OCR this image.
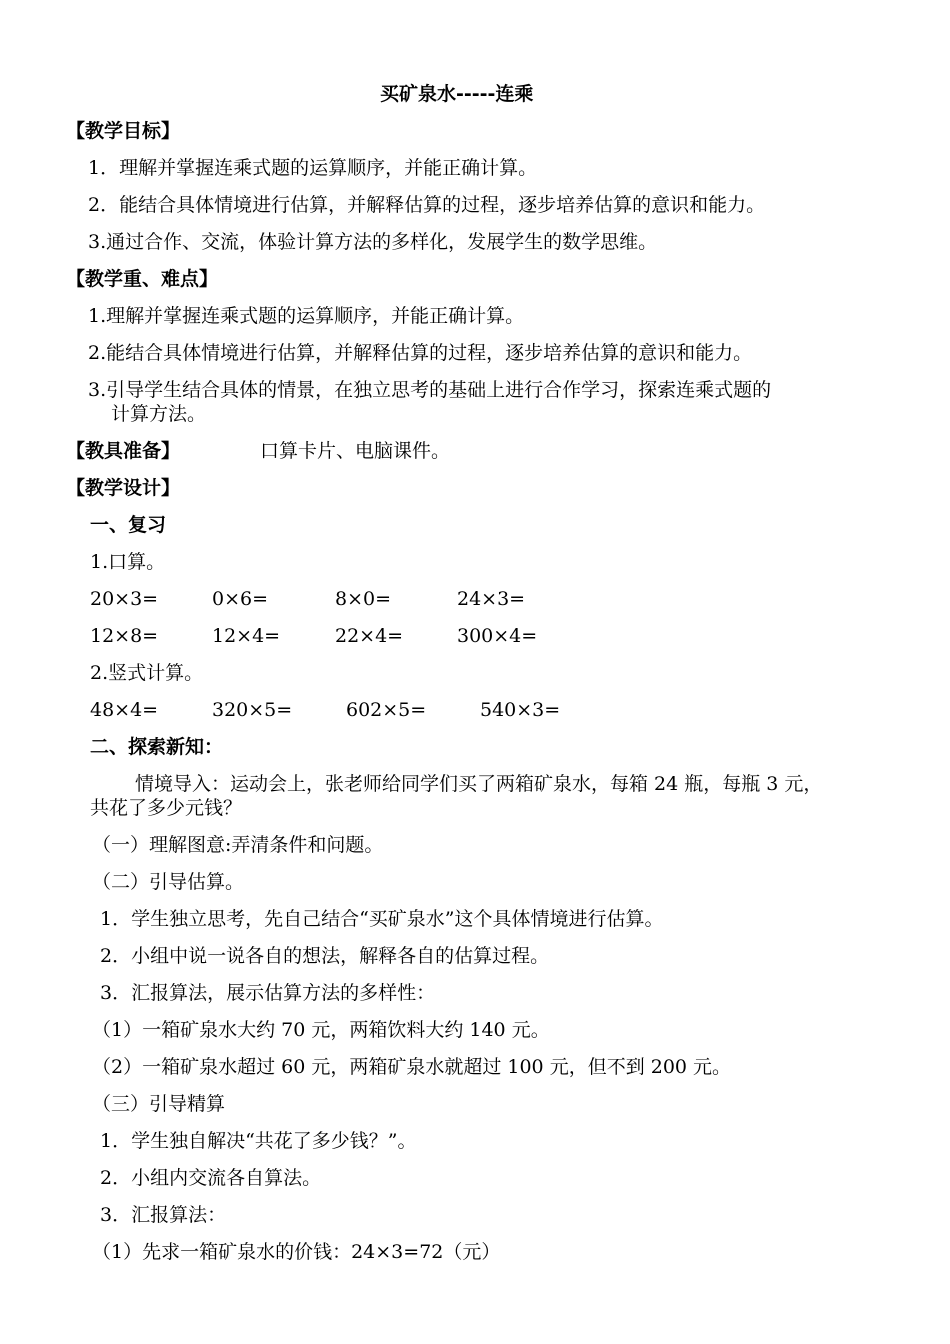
买矿泉水-----连乘
【教学目标】
1．理解并掌握连乘式题的运算顺序，并能正确计算。
2．能结合具体情境进行估算，并解释估算的过程，逐步培养估算的意识和能力。
3.通过合作、交流，体验计算方法的多样化，发展学生的数学思维。
【教学重、难点】
1.理解并掌握连乘式题的运算顺序，并能正确计算。
2.能结合具体情境进行估算，并解释估算的过程，逐步培养估算的意识和能力。
3.引导学生结合具体的情景，在独立思考的基础上进行合作学习，探索连乘式题的
计算方法。
【教具准备】	口算卡片、电脑课件。
【教学设计】
一、复习
1.口算。
20×3=	0×6=	8×0=	24×3=
12×8=	12×4=	22×4=	300×4=
2.竖式计算。
48×4=	320×5=	602×5=	540×3=
二、探索新知：
情境导入：运动会上，张老师给同学们买了两箱矿泉水，每箱 24 瓶，每瓶 3 元，
共花了多少元钱？
（一）理解图意:弄清条件和问题。
（二）引导估算。
1．学生独立思考，先自己结合“买矿泉水”这个具体情境进行估算。
2．小组中说一说各自的想法，解释各自的估算过程。
3．汇报算法，展示估算方法的多样性：
（1）一箱矿泉水大约 70 元，两箱饮料大约 140 元。
（2）一箱矿泉水超过 60 元，两箱矿泉水就超过 100 元，但不到 200 元。
（三）引导精算
1．学生独自解决“共花了多少钱？”。
2．小组内交流各自算法。
3．汇报算法：
（1）先求一箱矿泉水的价钱：24×3=72（元）
